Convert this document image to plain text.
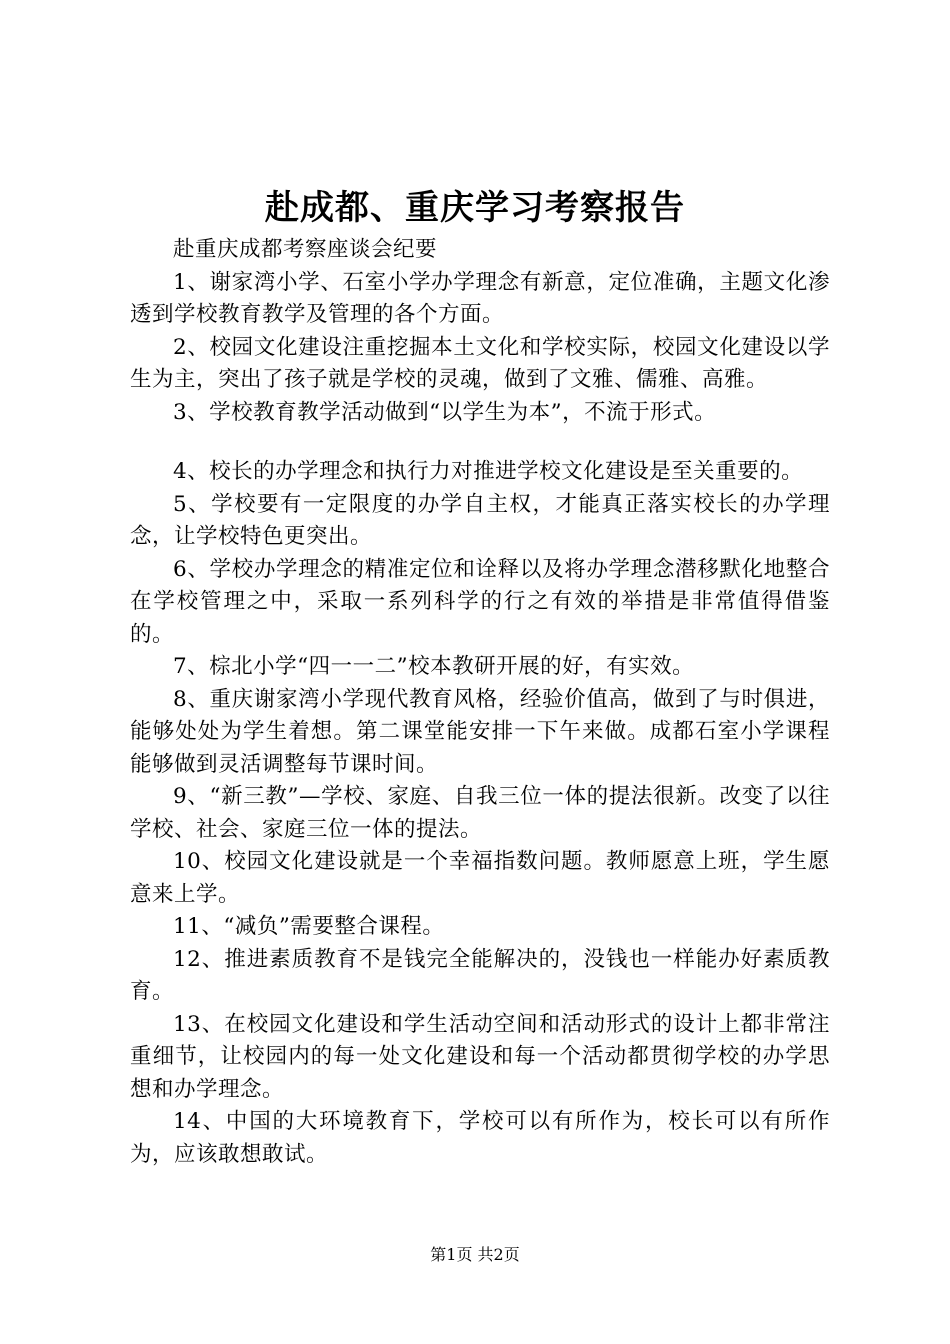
赴成都、重庆学习考察报告

赴重庆成都考察座谈会纪要

1、谢家湾小学、石室小学办学理念有新意，定位准确，主题文化渗透到学校教育教学及管理的各个方面。

2、校园文化建设注重挖掘本土文化和学校实际，校园文化建设以学生为主，突出了孩子就是学校的灵魂，做到了文雅、儒雅、高雅。

3、学校教育教学活动做到“以学生为本”，不流于形式。

4、校长的办学理念和执行力对推进学校文化建设是至关重要的。

5、学校要有一定限度的办学自主权，才能真正落实校长的办学理念，让学校特色更突出。

6、学校办学理念的精准定位和诠释以及将办学理念潜移默化地整合在学校管理之中，采取一系列科学的行之有效的举措是非常值得借鉴的。

7、棕北小学“四一一二”校本教研开展的好，有实效。

8、重庆谢家湾小学现代教育风格，经验价值高，做到了与时俱进，能够处处为学生着想。第二课堂能安排一下午来做。成都石室小学课程能够做到灵活调整每节课时间。

9、“新三教”—学校、家庭、自我三位一体的提法很新。改变了以往学校、社会、家庭三位一体的提法。

10、校园文化建设就是一个幸福指数问题。教师愿意上班，学生愿意来上学。

11、“减负”需要整合课程。

12、推进素质教育不是钱完全能解决的，没钱也一样能办好素质教育。

13、在校园文化建设和学生活动空间和活动形式的设计上都非常注重细节，让校园内的每一处文化建设和每一个活动都贯彻学校的办学思想和办学理念。

14、中国的大环境教育下，学校可以有所作为，校长可以有所作为，应该敢想敢试。

第1页 共2页
